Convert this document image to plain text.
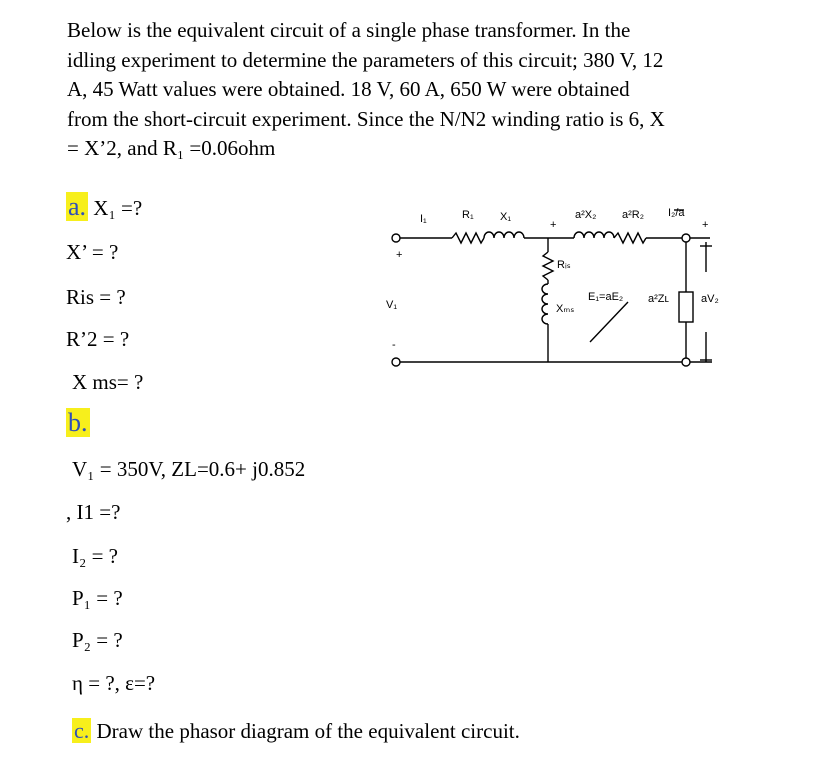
Below is the equivalent circuit of a single phase transformer. In the
idling experiment to determine the parameters of this circuit; 380 V, 12
A, 45 Watt values were obtained. 18 V, 60 A, 650 W were obtained
from the short-circuit experiment. Since the N/N2 winding ratio is 6, X
= X’2, and R₁ =0.06ohm
a. X₁ =?
X’ = ?
Ris = ?
R’2 = ?
X ms= ?
b.
V₁ = 350V, ZL=0.6+ j0.852
, I1 =?
I₂ = ?
P₁ = ?
P₂ = ?
η = ?, ε=?
c. Draw the phasor diagram of the equivalent circuit.
I₁	R₁ X₁
+
a²X₂ a²R₂ I₂/a
+
+
V₁
Rᵢₛ
Xₘₛ
E₁=aE₂ a²Zʟ	aV₂
-
